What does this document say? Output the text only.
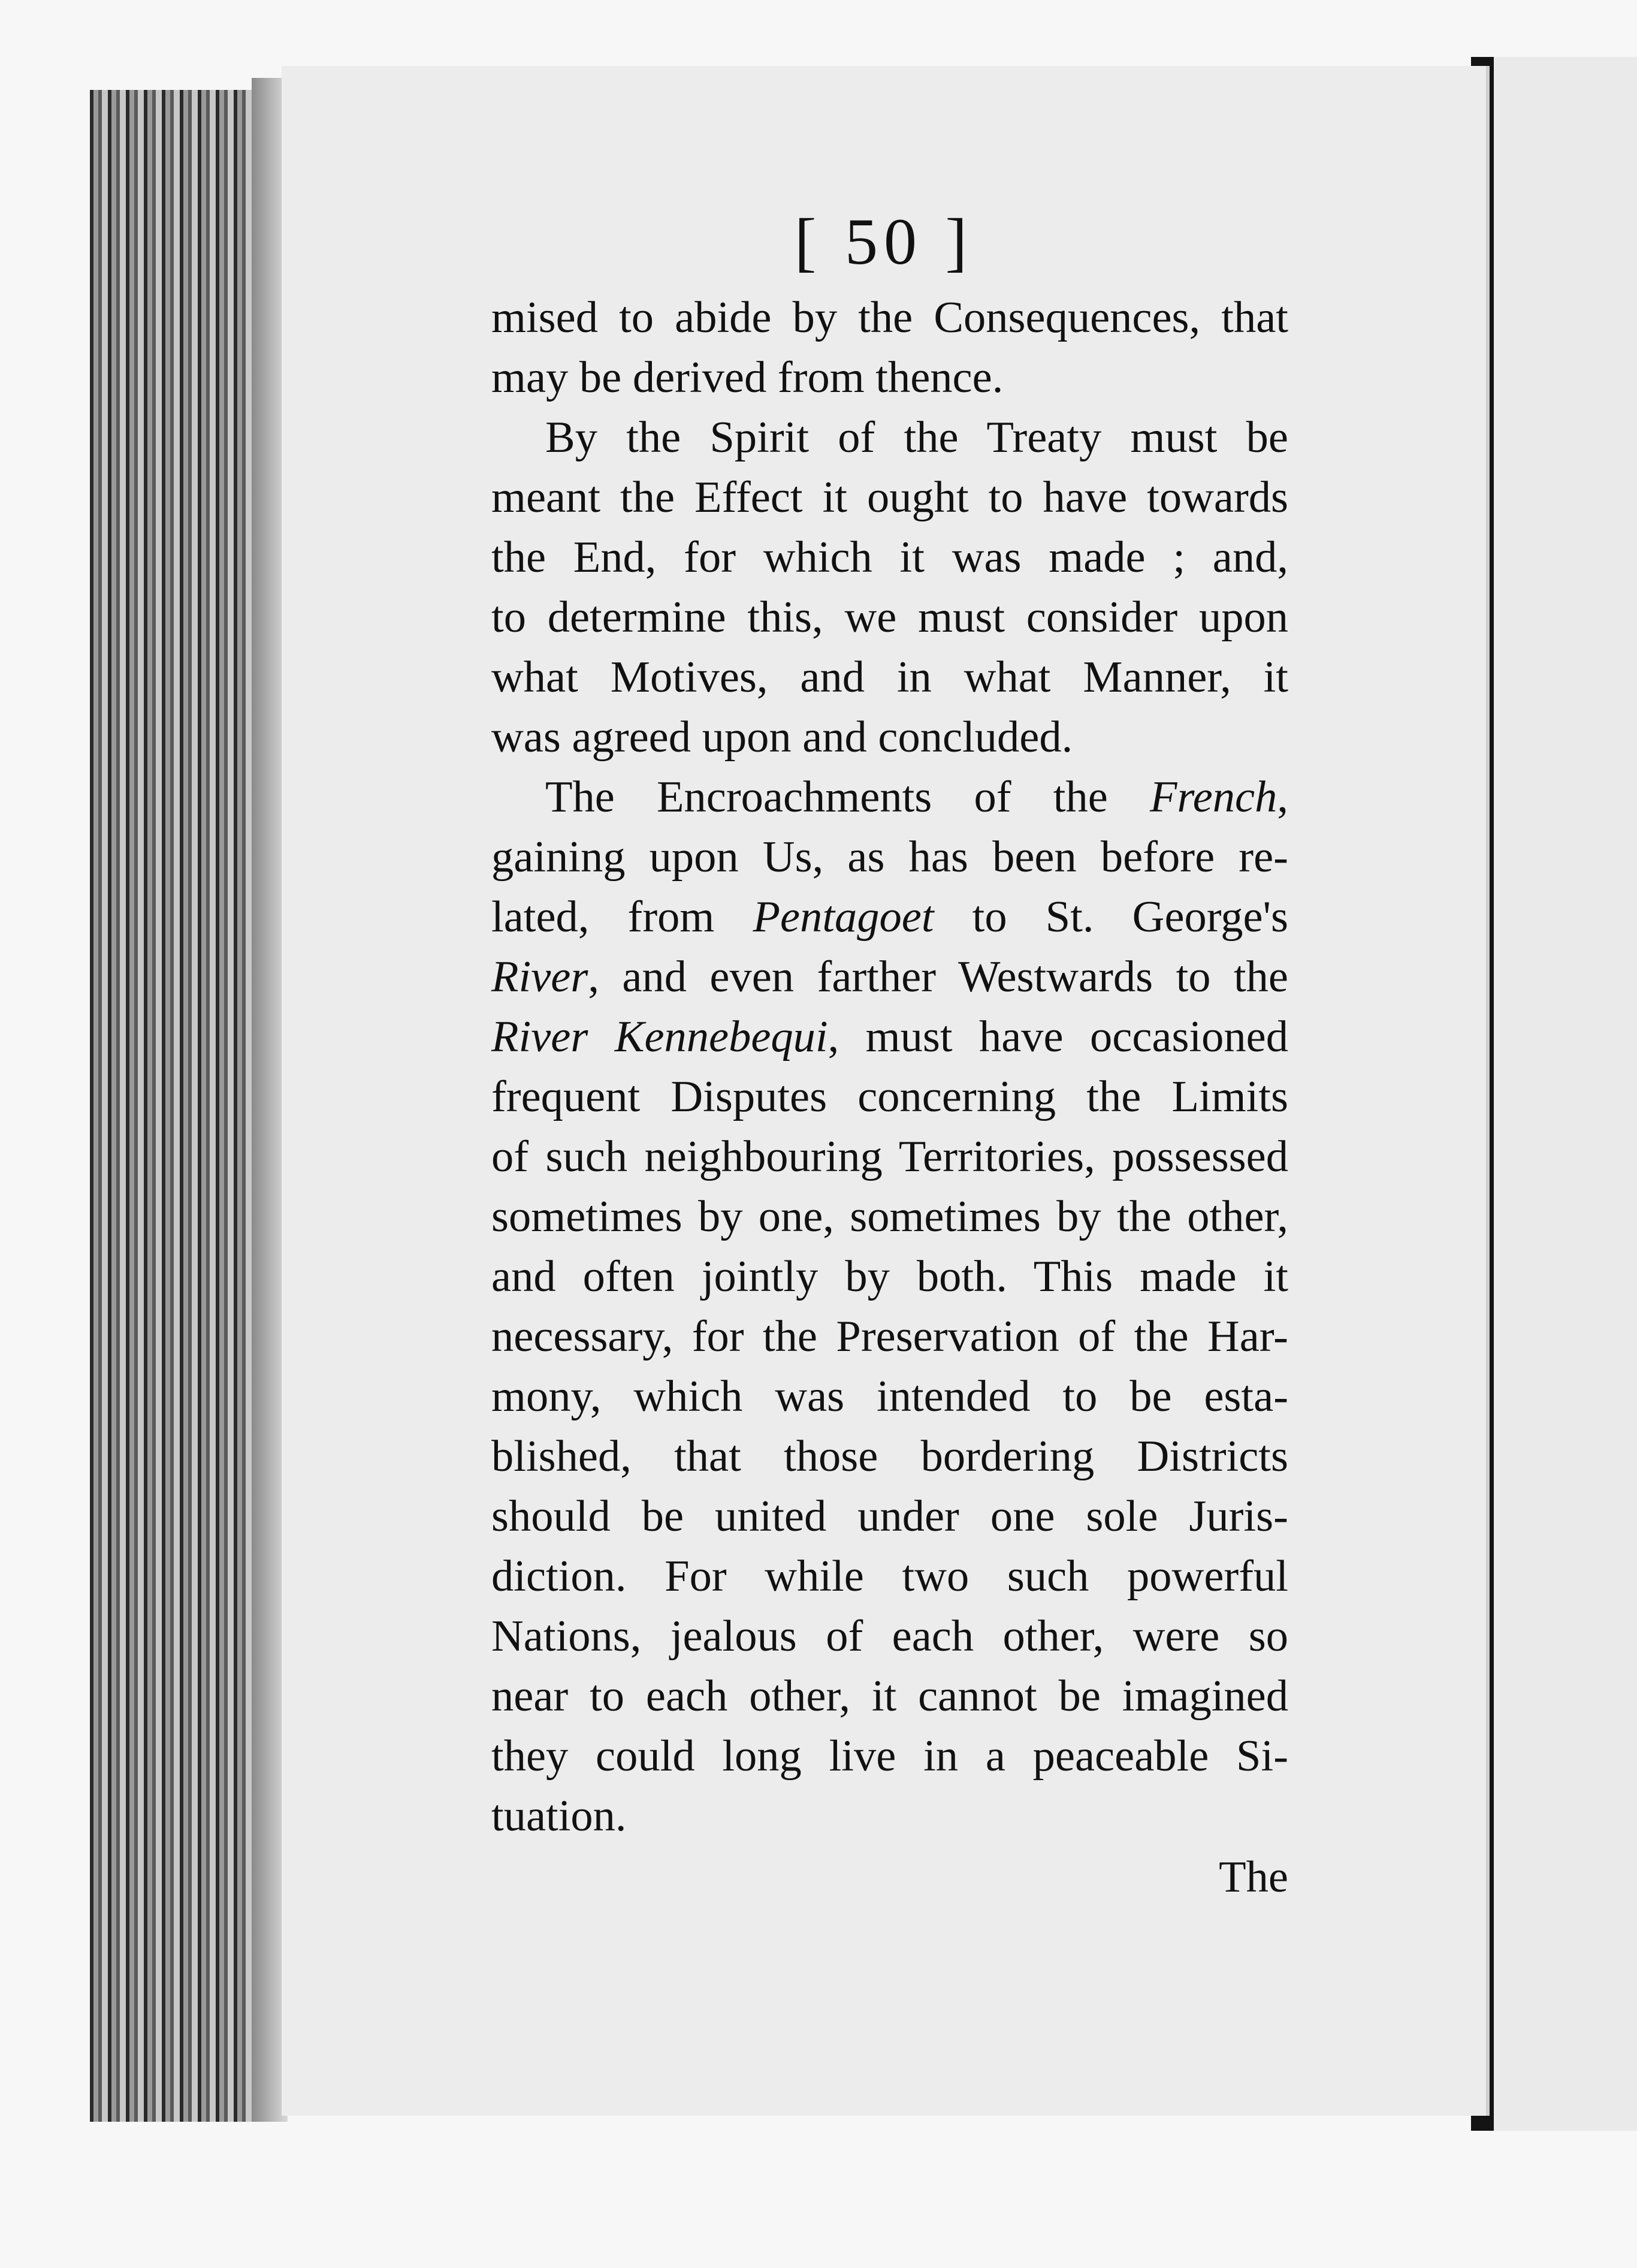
[ 50 ]
mised to abide by the Consequences, that
may be derived from thence.
By the Spirit of the Treaty must be
meant the Effect it ought to have towards
the End, for which it was made ; and,
to determine this, we must consider upon
what Motives, and in what Manner, it
was agreed upon and concluded.
The Encroachments of the French,
gaining upon Us, as has been before re-
lated, from Pentagoet to St. George's
River, and even farther Westwards to the
River Kennebequi, must have occasioned
frequent Disputes concerning the Limits
of such neighbouring Territories, possessed
sometimes by one, sometimes by the other,
and often jointly by both. This made it
necessary, for the Preservation of the Har-
mony, which was intended to be esta-
blished, that those bordering Districts
should be united under one sole Juris-
diction. For while two such powerful
Nations, jealous of each other, were so
near to each other, it cannot be imagined
they could long live in a peaceable Si-
tuation.
The
